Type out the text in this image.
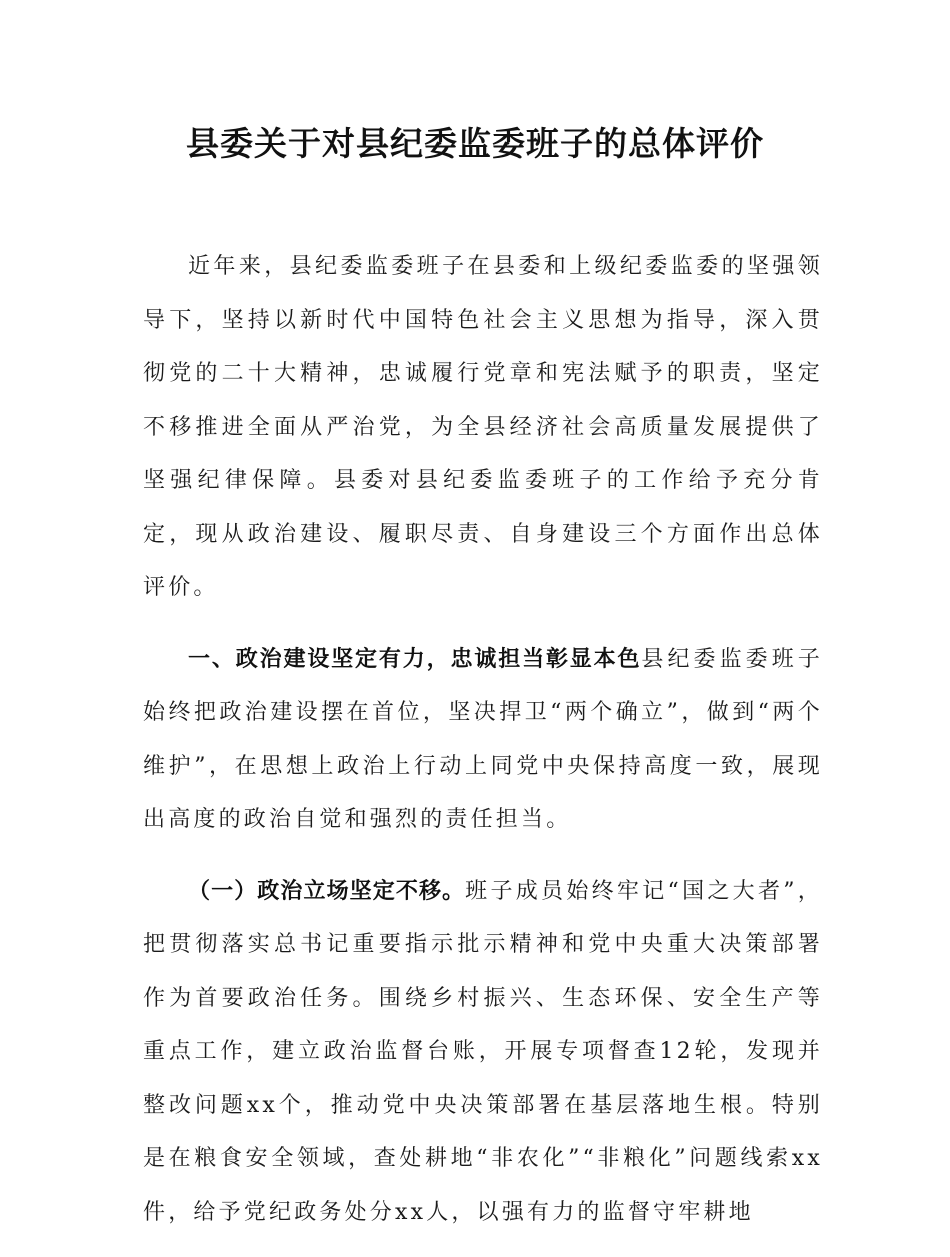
县委关于对县纪委监委班子的总体评价

近年来，县纪委监委班子在县委和上级纪委监委的坚强领导下，坚持以新时代中国特色社会主义思想为指导，深入贯彻党的二十大精神，忠诚履行党章和宪法赋予的职责，坚定不移推进全面从严治党，为全县经济社会高质量发展提供了坚强纪律保障。县委对县纪委监委班子的工作给予充分肯定，现从政治建设、履职尽责、自身建设三个方面作出总体评价。

一、政治建设坚定有力，忠诚担当彰显本色县纪委监委班子始终把政治建设摆在首位，坚决捍卫“两个确立”，做到“两个维护”，在思想上政治上行动上同党中央保持高度一致，展现出高度的政治自觉和强烈的责任担当。

（一）政治立场坚定不移。班子成员始终牢记“国之大者”，把贯彻落实总书记重要指示批示精神和党中央重大决策部署作为首要政治任务。围绕乡村振兴、生态环保、安全生产等重点工作，建立政治监督台账，开展专项督查12轮，发现并整改问题xx个，推动党中央决策部署在基层落地生根。特别是在粮食安全领域，查处耕地“非农化”“非粮化”问题线索xx件，给予党纪政务处分xx人，以强有力的监督守牢耕地
